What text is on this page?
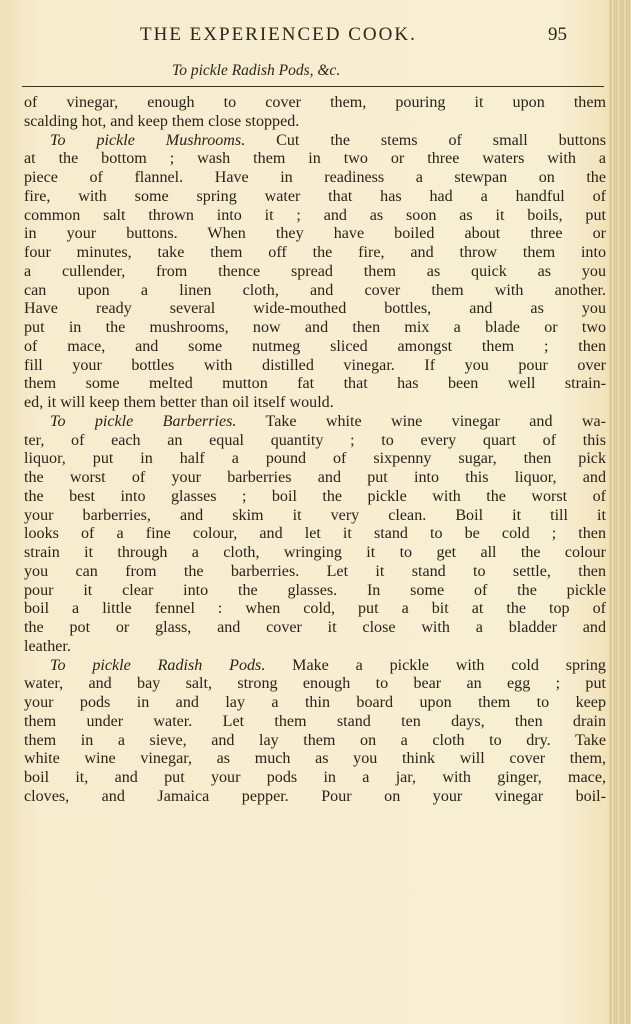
THE EXPERIENCED COOK.	95
To pickle Radish Pods, &c.
of vinegar, enough to cover them, pouring it upon them
scalding hot, and keep them close stopped.
To pickle Mushrooms. Cut the stems of small buttons
at the bottom ; wash them in two or three waters with a
piece of flannel. Have in readiness a stewpan on the
fire, with some spring water that has had a handful of
common salt thrown into it ; and as soon as it boils, put
in your buttons. When they have boiled about three or
four minutes, take them off the fire, and throw them into
a cullender, from thence spread them as quick as you
can upon a linen cloth, and cover them with another.
Have ready several wide-mouthed bottles, and as you
put in the mushrooms, now and then mix a blade or two
of mace, and some nutmeg sliced amongst them ; then
fill your bottles with distilled vinegar. If you pour over
them some melted mutton fat that has been well strain-
ed, it will keep them better than oil itself would.
To pickle Barberries. Take white wine vinegar and wa-
ter, of each an equal quantity ; to every quart of this
liquor, put in half a pound of sixpenny sugar, then pick
the worst of your barberries and put into this liquor, and
the best into glasses ; boil the pickle with the worst of
your barberries, and skim it very clean. Boil it till it
looks of a fine colour, and let it stand to be cold ; then
strain it through a cloth, wringing it to get all the colour
you can from the barberries. Let it stand to settle, then
pour it clear into the glasses. In some of the pickle
boil a little fennel : when cold, put a bit at the top of
the pot or glass, and cover it close with a bladder and
leather.
To pickle Radish Pods. Make a pickle with cold spring
water, and bay salt, strong enough to bear an egg ; put
your pods in and lay a thin board upon them to keep
them under water. Let them stand ten days, then drain
them in a sieve, and lay them on a cloth to dry. Take
white wine vinegar, as much as you think will cover them,
boil it, and put your pods in a jar, with ginger, mace,
cloves, and Jamaica pepper. Pour on your vinegar boil-
